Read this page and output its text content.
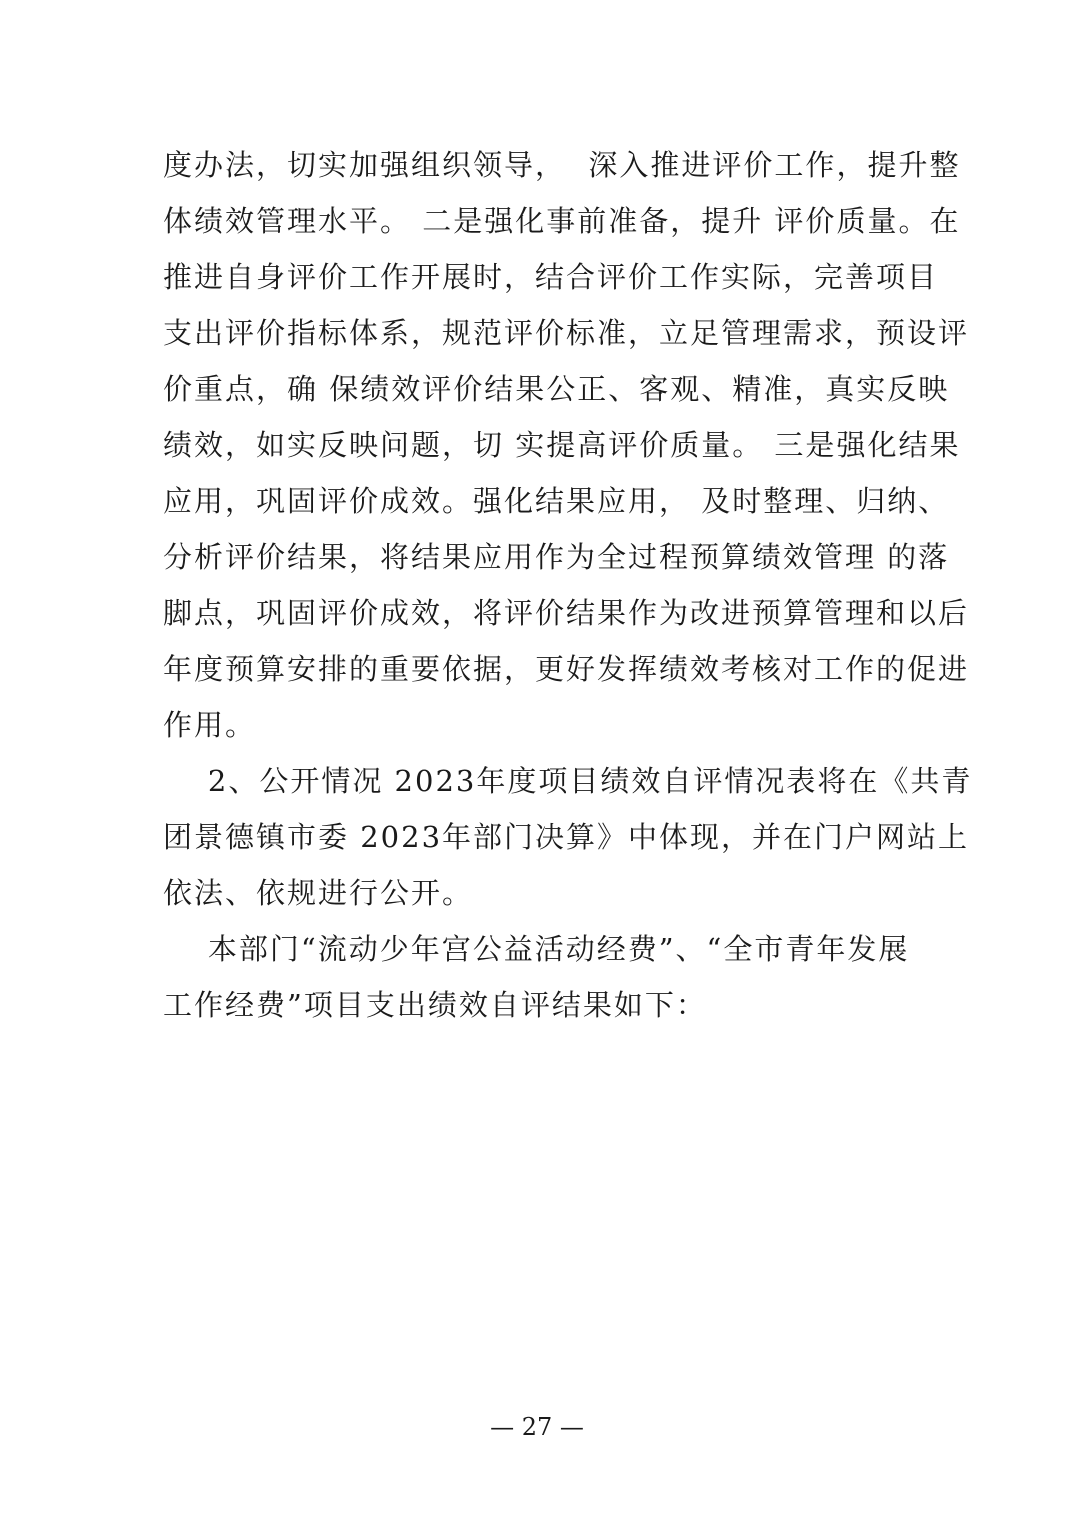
度办法，切实加强组织领导，  深入推进评价工作，提升整
体绩效管理水平。 二是强化事前准备，提升 评价质量。在
推进自身评价工作开展时，结合评价工作实际，完善项目
支出评价指标体系，规范评价标准，立足管理需求，预设评
价重点，确 保绩效评价结果公正、客观、精准，真实反映
绩效，如实反映问题，切 实提高评价质量。 三是强化结果
应用，巩固评价成效。强化结果应用， 及时整理、归纳、
分析评价结果，将结果应用作为全过程预算绩效管理 的落
脚点，巩固评价成效，将评价结果作为改进预算管理和以后
年度预算安排的重要依据，更好发挥绩效考核对工作的促进
作用。
2、公开情况 2023年度项目绩效自评情况表将在《共青
团景德镇市委 2023年部门决算》中体现，并在门户网站上
依法、依规进行公开。
本部门“流动少年宫公益活动经费”、“全市青年发展
工作经费”项目支出绩效自评结果如下：
— 27 —
